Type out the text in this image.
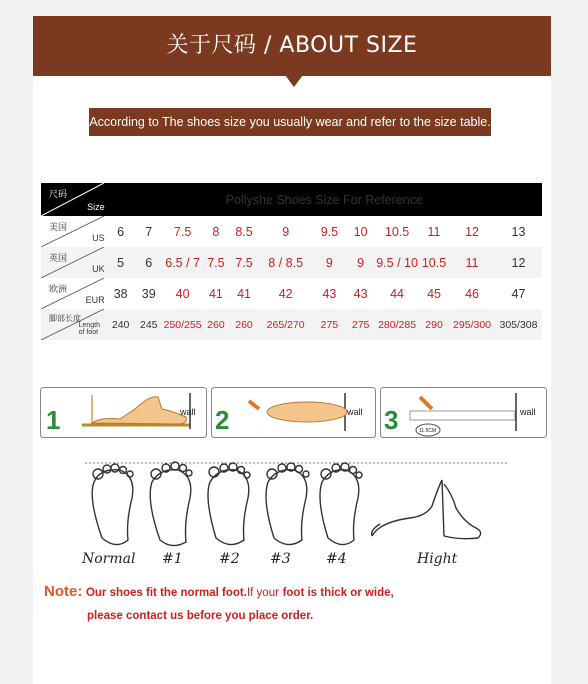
关于尺码 / ABOUT SIZE
According to The shoes size you usually wear and refer to the size table.
尺码
Size	Pollyshe Shoes Size For Reference											

美国
US	6	7	7.5	8	8.5	9	9.5	10	10.5	11	12	13

英国
UK	5	6	6.5 / 7	7.5	7.5	8 / 8.5	9	9	9.5 / 10	10.5	11	12

欧洲
EUR	38	39	40	41	41	42	43	43	44	45	46	47

脚部长度
Length of foot	240	245	250/255	260	260	265/270	275	275	280/285	290	295/300	305/308
1	wall 2	wall 3	11.5CM
wall
Normal #1	#2 #3	#4	Hight
Note: Our shoes fit the normal foot.If your foot is thick or wide,
please contact us before you place order.
